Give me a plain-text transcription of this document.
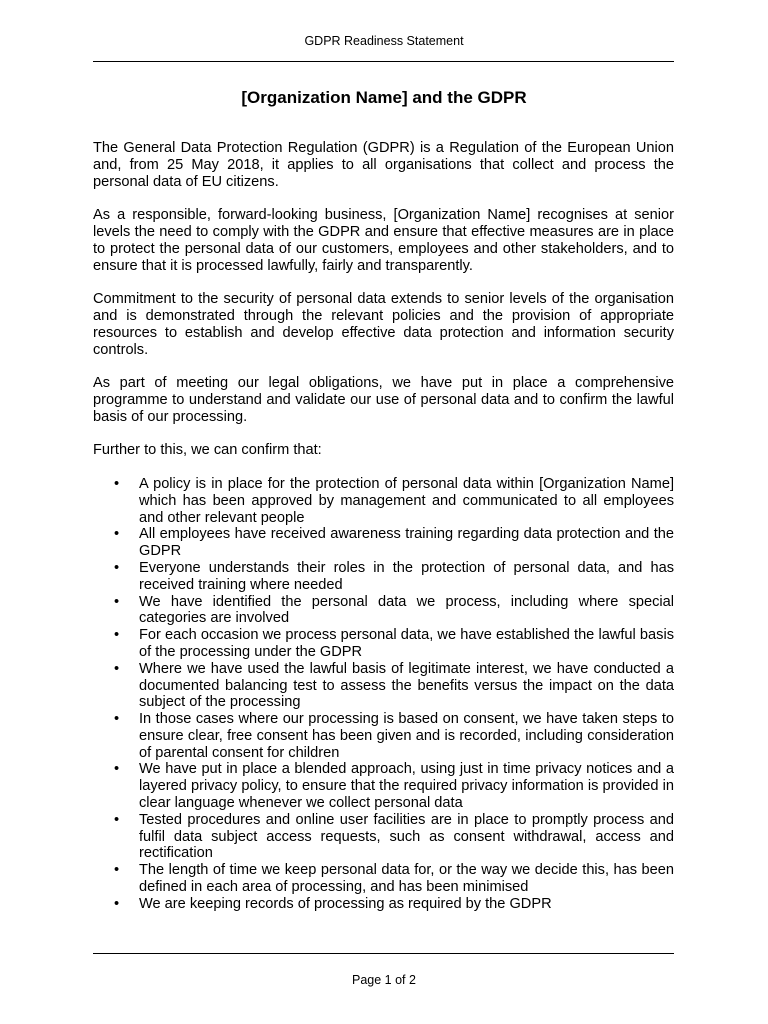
GDPR Readiness Statement
[Organization Name] and the GDPR

The General Data Protection Regulation (GDPR) is a Regulation of the European Union and, from 25 May 2018, it applies to all organisations that collect and process the personal data of EU citizens.

As a responsible, forward-looking business, [Organization Name] recognises at senior levels the need to comply with the GDPR and ensure that effective measures are in place to protect the personal data of our customers, employees and other stakeholders, and to ensure that it is processed lawfully, fairly and transparently.

Commitment to the security of personal data extends to senior levels of the organisation and is demonstrated through the relevant policies and the provision of appropriate resources to establish and develop effective data protection and information security controls.

As part of meeting our legal obligations, we have put in place a comprehensive programme to understand and validate our use of personal data and to confirm the lawful basis of our processing.

Further to this, we can confirm that:

• A policy is in place for the protection of personal data within [Organization Name] which has been approved by management and communicated to all employees and other relevant people
• All employees have received awareness training regarding data protection and the GDPR
• Everyone understands their roles in the protection of personal data, and has received training where needed
• We have identified the personal data we process, including where special categories are involved
• For each occasion we process personal data, we have established the lawful basis of the processing under the GDPR
• Where we have used the lawful basis of legitimate interest, we have conducted a documented balancing test to assess the benefits versus the impact on the data subject of the processing
• In those cases where our processing is based on consent, we have taken steps to ensure clear, free consent has been given and is recorded, including consideration of parental consent for children
• We have put in place a blended approach, using just in time privacy notices and a layered privacy policy, to ensure that the required privacy information is provided in clear language whenever we collect personal data
• Tested procedures and online user facilities are in place to promptly process and fulfil data subject access requests, such as consent withdrawal, access and rectification
• The length of time we keep personal data for, or the way we decide this, has been defined in each area of processing, and has been minimised
• We are keeping records of processing as required by the GDPR
Page 1 of 2
